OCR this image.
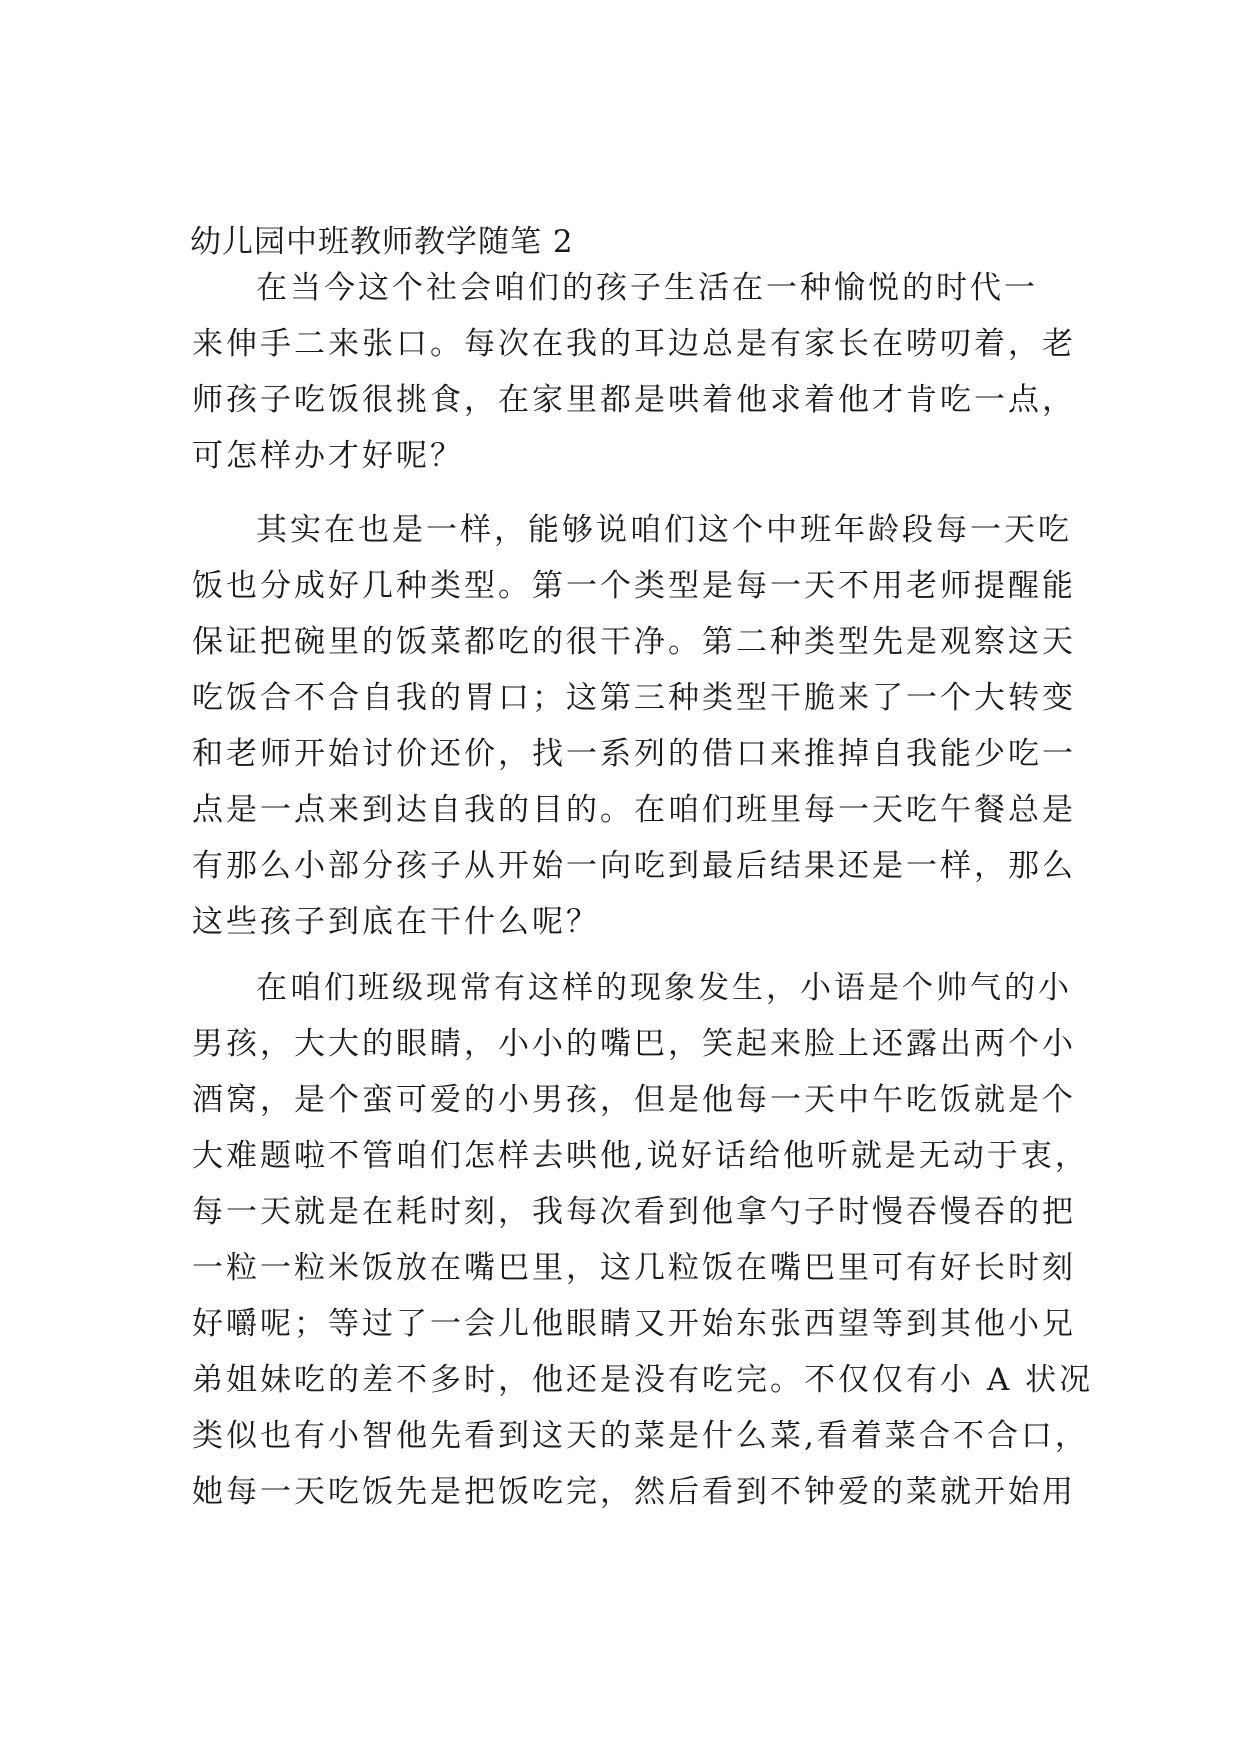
幼儿园中班教师教学随笔 2
在当今这个社会咱们的孩子生活在一种愉悦的时代一
来伸手二来张口。每次在我的耳边总是有家长在唠叨着，老
师孩子吃饭很挑食，在家里都是哄着他求着他才肯吃一点，
可怎样办才好呢？
其实在也是一样，能够说咱们这个中班年龄段每一天吃
饭也分成好几种类型。第一个类型是每一天不用老师提醒能
保证把碗里的饭菜都吃的很干净。第二种类型先是观察这天
吃饭合不合自我的胃口；这第三种类型干脆来了一个大转变
和老师开始讨价还价，找一系列的借口来推掉自我能少吃一
点是一点来到达自我的目的。在咱们班里每一天吃午餐总是
有那么小部分孩子从开始一向吃到最后结果还是一样，那么
这些孩子到底在干什么呢？
在咱们班级现常有这样的现象发生，小语是个帅气的小
男孩，大大的眼睛，小小的嘴巴，笑起来脸上还露出两个小
酒窝，是个蛮可爱的小男孩，但是他每一天中午吃饭就是个
大难题啦不管咱们怎样去哄他,说好话给他听就是无动于衷，
每一天就是在耗时刻，我每次看到他拿勺子时慢吞慢吞的把
一粒一粒米饭放在嘴巴里，这几粒饭在嘴巴里可有好长时刻
好嚼呢；等过了一会儿他眼睛又开始东张西望等到其他小兄
弟姐妹吃的差不多时，他还是没有吃完。不仅仅有小 A 状况
类似也有小智他先看到这天的菜是什么菜,看着菜合不合口，
她每一天吃饭先是把饭吃完，然后看到不钟爱的菜就开始用
